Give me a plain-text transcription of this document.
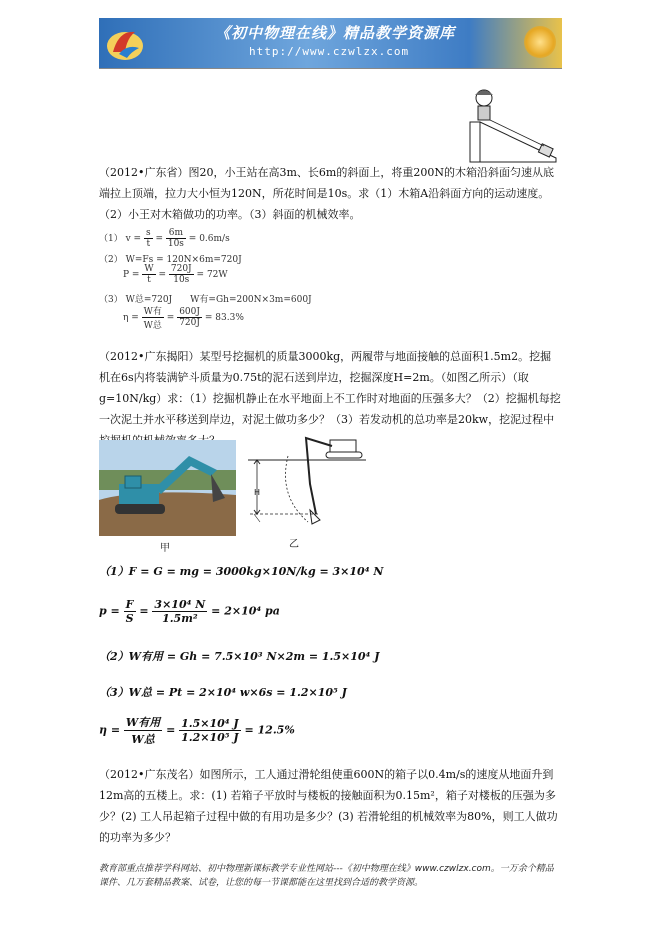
《初中物理在线》精品教学资源库
http://www.czwlzx.com

（2012•广东省）图20，小王站在高3m、长6m的斜面上，将重200N的木箱沿斜面匀速从底端拉上顶端，拉力大小恒为120N，所花时间是10s。求（1）木箱A沿斜面方向的运动速度。　（2）小王对木箱做功的功率。（3）斜面的机械效率。

（1） $v = \frac{s}{t} = \frac{6m}{10s} = 0.6m/s$
（2） W=Fs = 120N×6m=720J
$P = \frac{W}{t} = \frac{720J}{10s} = 72W$
（3） W总=720J　　W有=Gh=200N×3m=600J
$\eta = \frac{\text{W有}}{\text{W总}} = \frac{600J}{720J} = 83.3\%$

（2012•广东揭阳）某型号挖掘机的质量3000kg，两履带与地面接触的总面积1.5m2。挖掘机在6s内将装满铲斗质量为0.75t的泥石送到岸边，挖掘深度H=2m。（如图乙所示）（取g=10N/kg）求：（1）挖掘机静止在水平地面上不工作时对地面的压强多大？（2）挖掘机每挖一次泥土并水平移送到岸边，对泥土做功多少？（3）若发动机的总功率是20kw，挖泥过程中

甲
H
乙
（1）F = G = mg = 3000kg×10N/kg = 3×10⁴ N
$p = \frac{F}{S} = \frac{\text{3×10⁴ N}}{\text{1.5m²}} = 2\times 10^4$ pa
（2）W有用 = Gh = 7.5×10³ N×2m = 1.5×10⁴ J
（3）W总 = Pt = 2×10⁴ w×6s = 1.2×10⁵ J
$\eta = \frac{\text{W有用}}{\text{W总}} = \frac{\text{1.5×10⁴ J}}{\text{1.2×10⁵ J}} = 12.5\%$

（2012•广东茂名）如图所示，工人通过滑轮组使重600N的箱子以0.4m/s的速度从地面升到12m高的五楼上。求：(1) 若箱子平放时与楼板的接触面积为0.15m²，箱子对楼板的压强为多少？(2) 工人吊起箱子过程中做的有用功是多少？(3) 若滑轮组的机械效率为80%，则工人做功的功率为多少？

教育部重点推荐学科网站、初中物理新课标教学专业性网站---《初中物理在线》www.czwlzx.com。一万余个精品课件、几万套精品教案、试卷，让您的每一节课都能在这里找到合适的教学资源。
